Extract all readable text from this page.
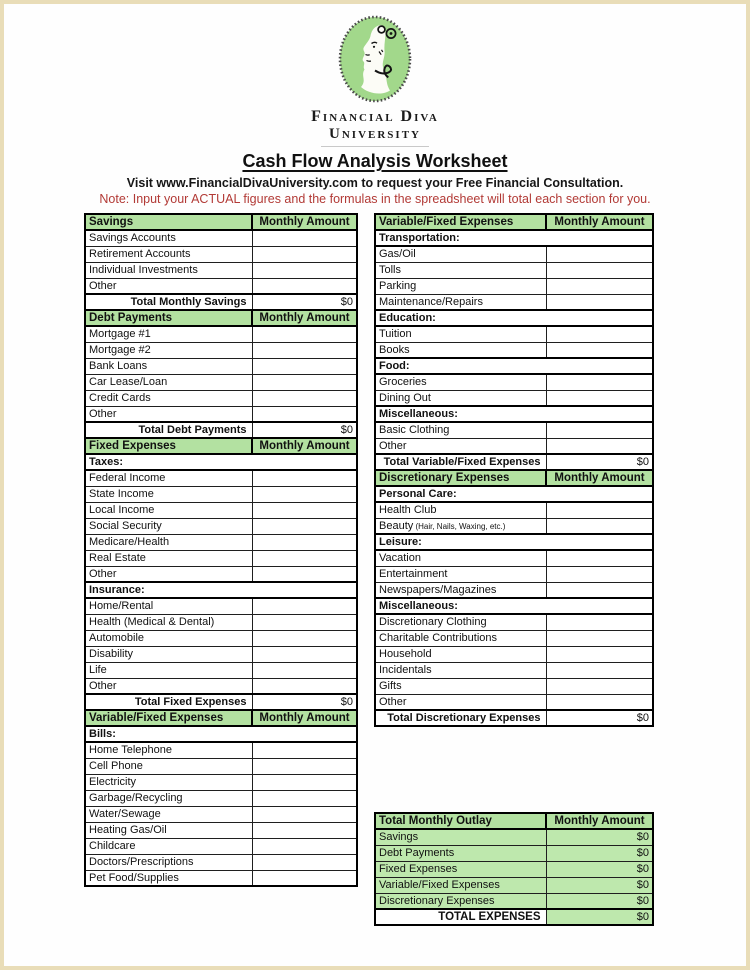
Financial Diva
University
Cash Flow Analysis Worksheet
Visit www.FinancialDivaUniversity.com to request your Free Financial Consultation.
Note: Input your ACTUAL figures and the formulas in the spreadsheet will total each section for you.
Savings	Monthly Amount
Savings Accounts	
Retirement Accounts	
Individual Investments	
Other	
Total Monthly Savings	$0
Debt Payments	Monthly Amount
Mortgage #1	
Mortgage #2	
Bank Loans	
Car Lease/Loan	
Credit Cards	
Other	
Total Debt Payments	$0
Fixed Expenses	Monthly Amount
Taxes:	
Federal Income	
State Income	
Local Income	
Social Security	
Medicare/Health	
Real Estate	
Other	
Insurance:	
Home/Rental	
Health (Medical & Dental)	
Automobile	
Disability	
Life	
Other	
Total Fixed Expenses	$0
Variable/Fixed Expenses	Monthly Amount
Bills:	
Home Telephone	
Cell Phone	
Electricity	
Garbage/Recycling	
Water/Sewage	
Heating Gas/Oil	
Childcare	
Doctors/Prescriptions	
Pet Food/Supplies	
Variable/Fixed Expenses	Monthly Amount
Transportation:	
Gas/Oil	
Tolls	
Parking	
Maintenance/Repairs	
Education:	
Tuition	
Books	
Food:	
Groceries	
Dining Out	
Miscellaneous:	
Basic Clothing	
Other	
Total Variable/Fixed Expenses	$0
Discretionary Expenses	Monthly Amount
Personal Care:	
Health Club	
Beauty (Hair, Nails, Waxing, etc.)	
Leisure:	
Vacation	
Entertainment	
Newspapers/Magazines	
Miscellaneous:	
Discretionary Clothing	
Charitable Contributions	
Household	
Incidentals	
Gifts	
Other	
Total Discretionary Expenses	$0
Total Monthly Outlay	Monthly Amount
Savings	$0
Debt Payments	$0
Fixed Expenses	$0
Variable/Fixed Expenses	$0
Discretionary Expenses	$0
TOTAL EXPENSES	$0
